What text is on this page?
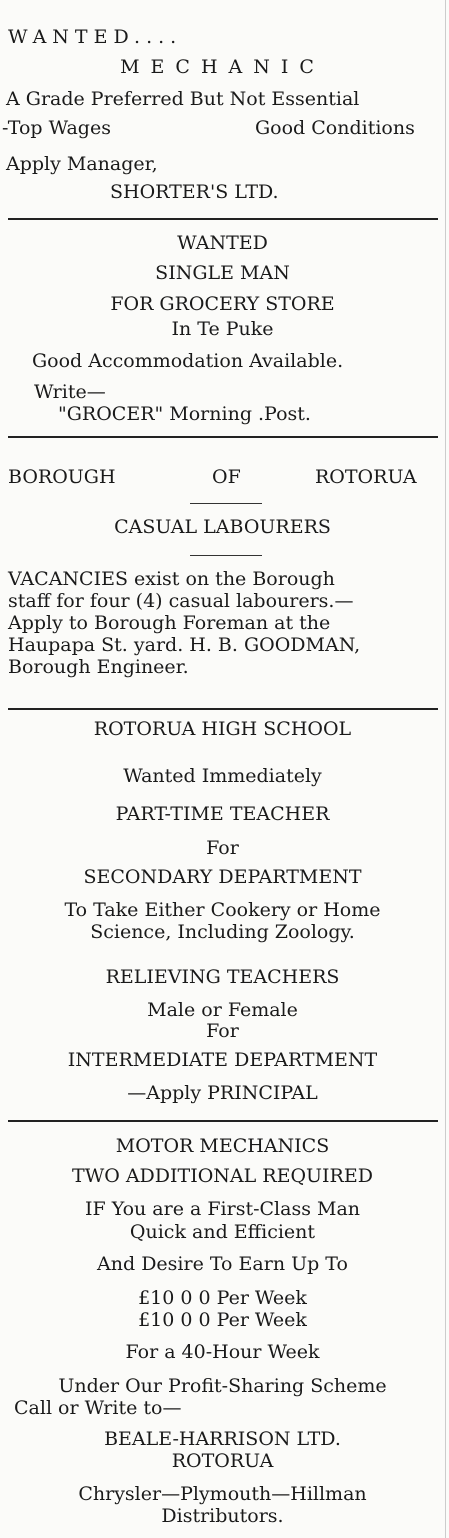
WANTED....
MECHANIC
A Grade Preferred But Not Essential
-Top Wages	Good Conditions
Apply Manager,
SHORTER'S LTD.
WANTED
SINGLE MAN
FOR GROCERY STORE
In Te Puke
Good Accommodation Available.
Write—
"GROCER" Morning .Post.
BOROUGH	OF	ROTORUA
CASUAL LABOURERS
VACANCIES exist on the Borough
staff for four (4) casual labourers.—
Apply to Borough Foreman at the
Haupapa St. yard. H. B. GOODMAN,
Borough Engineer.
ROTORUA HIGH SCHOOL
Wanted Immediately
PART-TIME TEACHER
For
SECONDARY DEPARTMENT
To Take Either Cookery or Home
Science, Including Zoology.
RELIEVING TEACHERS
Male or Female
For
INTERMEDIATE DEPARTMENT
—Apply PRINCIPAL
MOTOR MECHANICS
TWO ADDITIONAL REQUIRED
IF You are a First-Class Man
Quick and Efficient
And Desire To Earn Up To
£10 0 0 Per Week
£10 0 0 Per Week
For a 40-Hour Week
Under Our Profit-Sharing Scheme
Call or Write to—
BEALE-HARRISON LTD.
ROTORUA
Chrysler—Plymouth—Hillman
Distributors.
